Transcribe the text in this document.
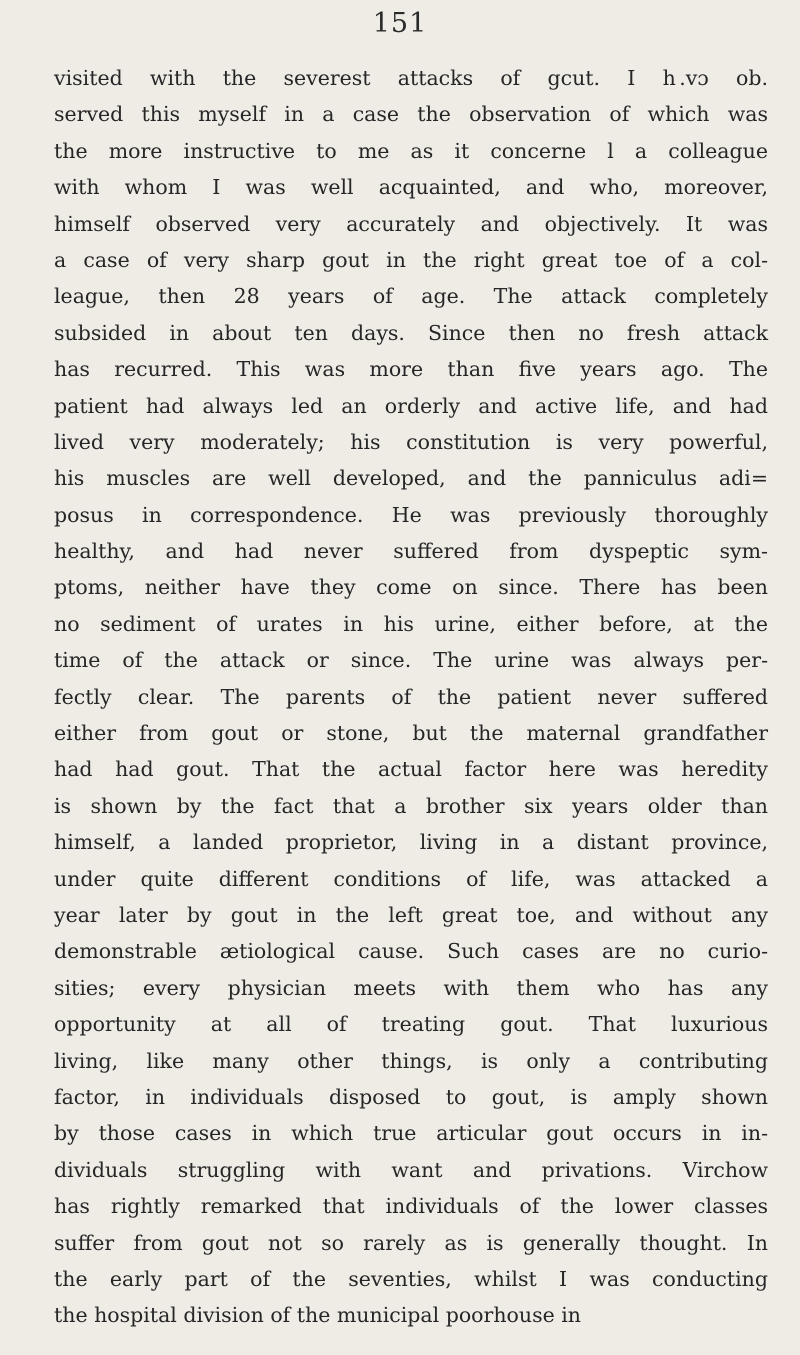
151
visited with the severest attacks of gcut. I h .vɔ ob.
served this myself in a case the observation of which was
the more instructive to me as it concerne l a colleague
with whom I was well acquainted, and who, moreover,
himself observed very accurately and objectively. It was
a case of very sharp gout in the right great toe of a col-
league, then 28 years of age. The attack completely
subsided in about ten days. Since then no fresh attack
has recurred. This was more than five years ago. The
patient had always led an orderly and active life, and had
lived very moderately; his constitution is very powerful,
his muscles are well developed, and the panniculus adi=
posus in correspondence. He was previously thoroughly
healthy, and had never suffered from dyspeptic sym-
ptoms, neither have they come on since. There has been
no sediment of urates in his urine, either before, at the
time of the attack or since. The urine was always per-
fectly clear. The parents of the patient never suffered
either from gout or stone, but the maternal grandfather
had had gout. That the actual factor here was heredity
is shown by the fact that a brother six years older than
himself, a landed proprietor, living in a distant province,
under quite different conditions of life, was attacked a
year later by gout in the left great toe, and without any
demonstrable ætiological cause. Such cases are no curio-
sities; every physician meets with them who has any
opportunity at all of treating gout. That luxurious
living, like many other things, is only a contributing
factor, in individuals disposed to gout, is amply shown
by those cases in which true articular gout occurs in in-
dividuals struggling with want and privations. Virchow
has rightly remarked that individuals of the lower classes
suffer from gout not so rarely as is generally thought. In
the early part of the seventies, whilst I was conducting
the hospital division of the municipal poorhouse in
